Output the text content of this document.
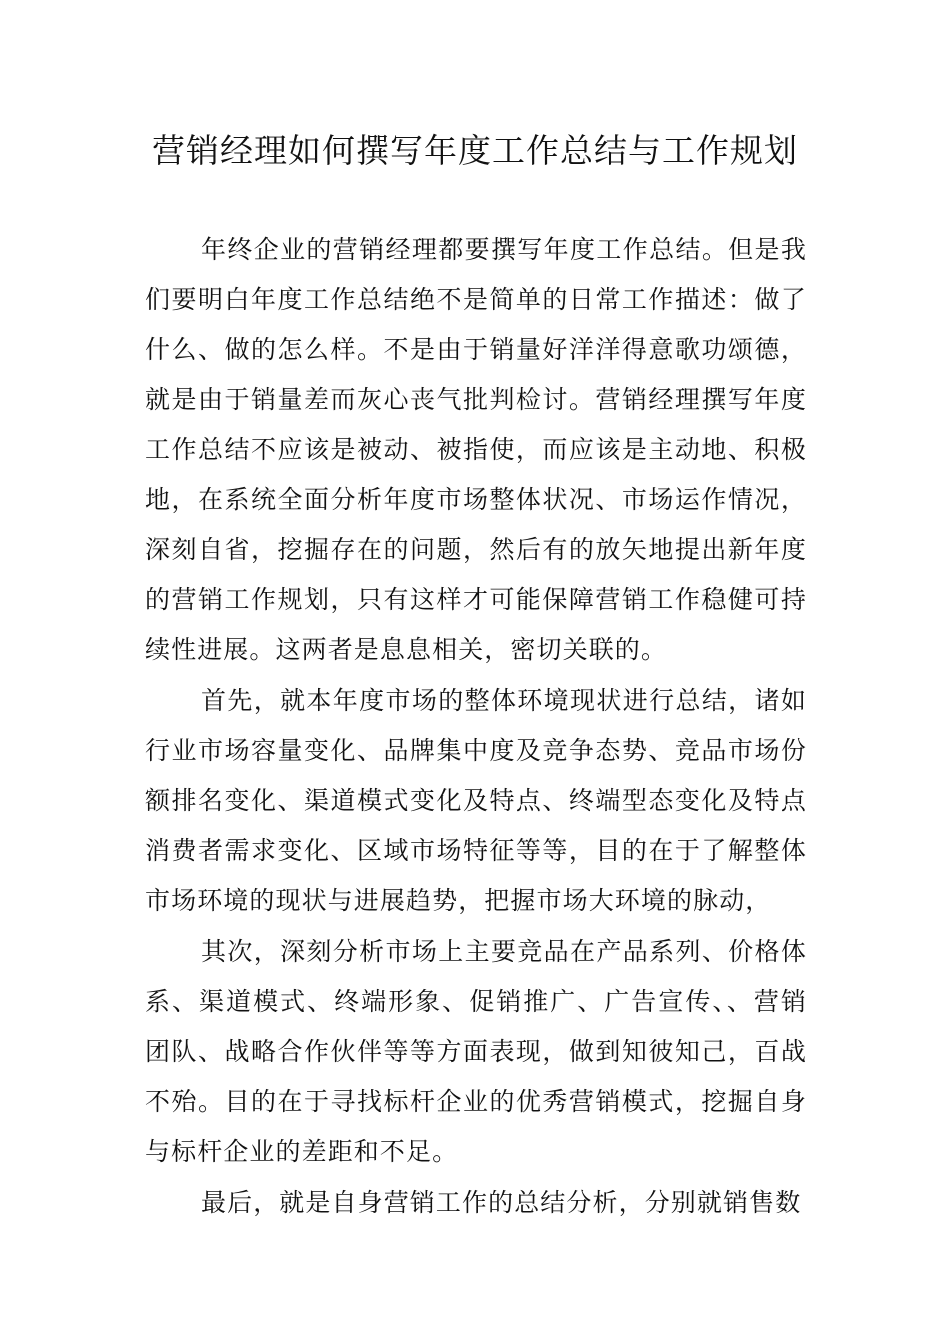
营销经理如何撰写年度工作总结与工作规划

年终企业的营销经理都要撰写年度工作总结。但是我们要明白年度工作总结绝不是简单的日常工作描述：做了什么、做的怎么样。不是由于销量好洋洋得意歌功颂德，就是由于销量差而灰心丧气批判检讨。营销经理撰写年度工作总结不应该是被动、被指使，而应该是主动地、积极地，在系统全面分析年度市场整体状况、市场运作情况，深刻自省，挖掘存在的问题，然后有的放矢地提出新年度的营销工作规划，只有这样才可能保障营销工作稳健可持续性进展。这两者是息息相关，密切关联的。

首先，就本年度市场的整体环境现状进行总结，诸如行业市场容量变化、品牌集中度及竞争态势、竞品市场份额排名变化、渠道模式变化及特点、终端型态变化及特点消费者需求变化、区域市场特征等等，目的在于了解整体市场环境的现状与进展趋势，把握市场大环境的脉动，

其次，深刻分析市场上主要竞品在产品系列、价格体系、渠道模式、终端形象、促销推广、广告宣传、、营销团队、战略合作伙伴等等方面表现，做到知彼知己，百战不殆。目的在于寻找标杆企业的优秀营销模式，挖掘自身与标杆企业的差距和不足。

最后，就是自身营销工作的总结分析，分别就销售数
